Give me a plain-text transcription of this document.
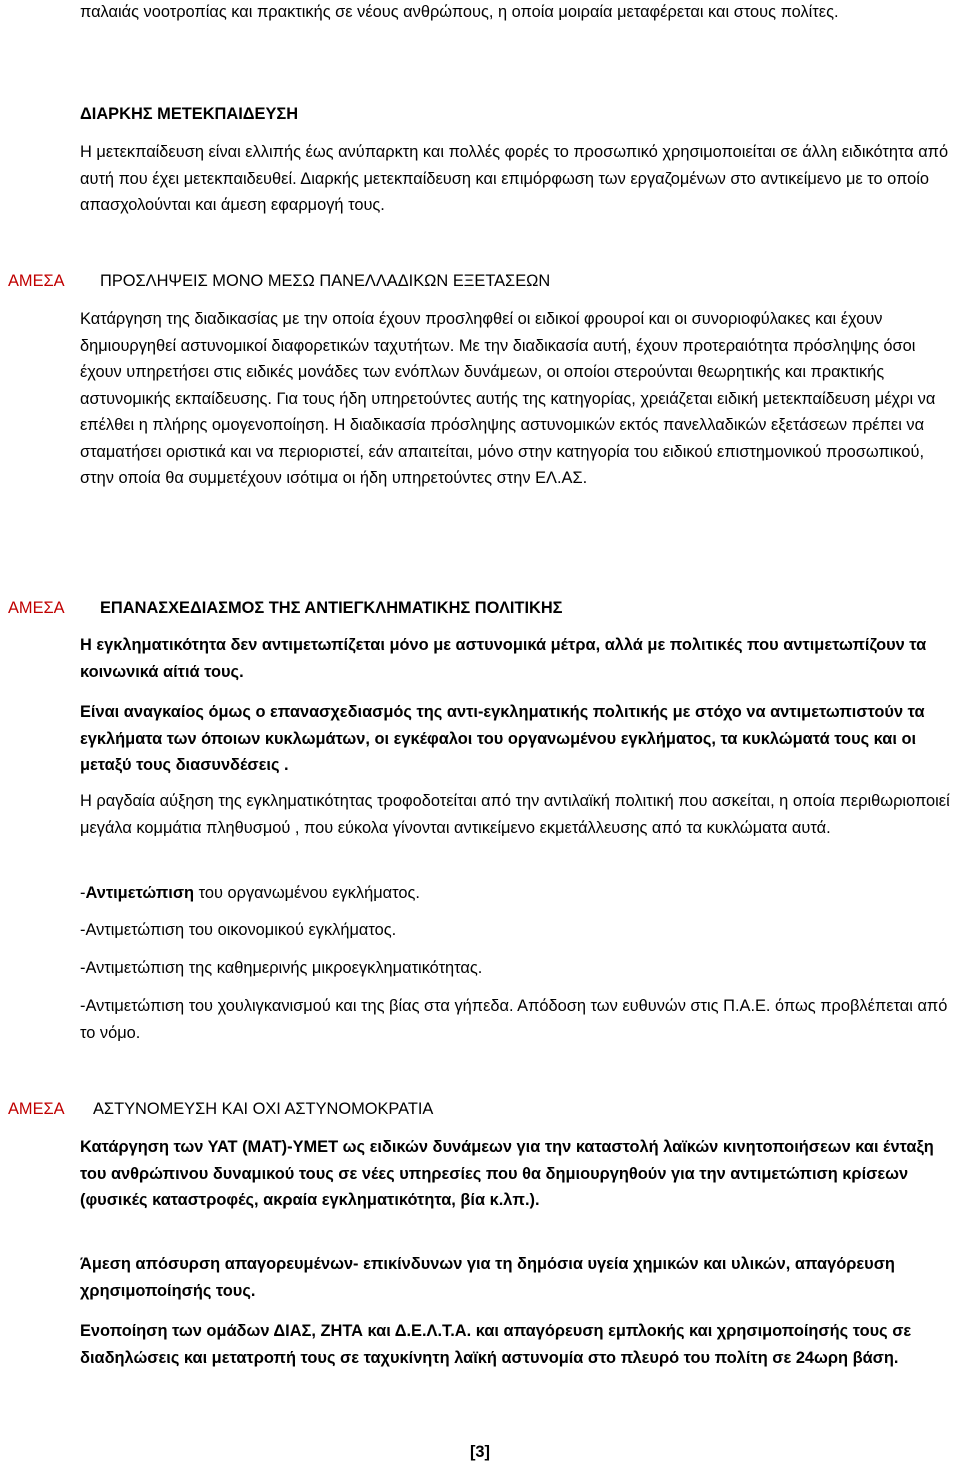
παλαιάς νοοτροπίας και πρακτικής σε νέους ανθρώπους, η οποία μοιραία μεταφέρεται και στους πολίτες.

ΔΙΑΡΚΗΣ ΜΕΤΕΚΠΑΙΔΕΥΣΗ

Η μετεκπαίδευση είναι ελλιπής έως ανύπαρκτη και πολλές φορές το προσωπικό χρησιμοποιείται σε άλλη ειδικότητα από αυτή που έχει μετεκπαιδευθεί. Διαρκής μετεκπαίδευση και επιμόρφωση των εργαζομένων στο αντικείμενο με το οποίο απασχολούνται και άμεση εφαρμογή τους.

ΑΜΕΣΑ ΠΡΟΣΛΗΨΕΙΣ ΜΟΝΟ ΜΕΣΩ ΠΑΝΕΛΛΑΔΙΚΩΝ ΕΞΕΤΑΣΕΩΝ

Κατάργηση της διαδικασίας με την οποία έχουν προσληφθεί οι ειδικοί φρουροί και οι συνοριοφύλακες και έχουν δημιουργηθεί αστυνομικοί διαφορετικών ταχυτήτων. Με την διαδικασία αυτή, έχουν προτεραιότητα πρόσληψης όσοι έχουν υπηρετήσει στις ειδικές μονάδες των ενόπλων δυνάμεων, οι οποίοι στερούνται θεωρητικής και πρακτικής αστυνομικής εκπαίδευσης. Για τους ήδη υπηρετούντες αυτής της κατηγορίας, χρειάζεται ειδική μετεκπαίδευση μέχρι να επέλθει η πλήρης ομογενοποίηση. Η διαδικασία πρόσληψης αστυνομικών εκτός πανελλαδικών εξετάσεων πρέπει να σταματήσει οριστικά και να περιοριστεί, εάν απαιτείται, μόνο στην κατηγορία του ειδικού επιστημονικού προσωπικού, στην οποία θα συμμετέχουν ισότιμα οι ήδη υπηρετούντες στην ΕΛ.ΑΣ.

ΑΜΕΣΑ ΕΠΑΝΑΣΧΕΔΙΑΣΜΟΣ ΤΗΣ ΑΝΤΙΕΓΚΛΗΜΑΤΙΚΗΣ ΠΟΛΙΤΙΚΗΣ

Η εγκληματικότητα δεν αντιμετωπίζεται μόνο με αστυνομικά μέτρα, αλλά με πολιτικές που αντιμετωπίζουν τα κοινωνικά αίτιά τους.

Είναι αναγκαίος όμως ο επανασχεδιασμός της αντι-εγκληματικής πολιτικής με στόχο να αντιμετωπιστούν τα εγκλήματα των όποιων κυκλωμάτων, οι εγκέφαλοι του οργανωμένου εγκλήματος, τα κυκλώματά τους και οι μεταξύ τους διασυνδέσεις .

Η ραγδαία αύξηση της εγκληματικότητας τροφοδοτείται από την αντιλαϊκή πολιτική που ασκείται, η οποία περιθωριοποιεί μεγάλα κομμάτια πληθυσμού , που εύκολα γίνονται αντικείμενο εκμετάλλευσης από τα κυκλώματα αυτά.

-Αντιμετώπιση του οργανωμένου εγκλήματος.

-Αντιμετώπιση του οικονομικού εγκλήματος.

-Αντιμετώπιση της καθημερινής μικροεγκληματικότητας.

-Αντιμετώπιση του χουλιγκανισμού και της βίας στα γήπεδα. Απόδοση των ευθυνών στις Π.Α.Ε. όπως προβλέπεται από το νόμο.

ΑΜΕΣΑ ΑΣΤΥΝΟΜΕΥΣΗ ΚΑΙ ΟΧΙ ΑΣΤΥΝΟΜΟΚΡΑΤΙΑ

Κατάργηση των ΥΑΤ (ΜΑΤ)-ΥΜΕΤ ως ειδικών δυνάμεων για την καταστολή λαϊκών κινητοποιήσεων και ένταξη του ανθρώπινου δυναμικού τους σε νέες υπηρεσίες που θα δημιουργηθούν για την αντιμετώπιση κρίσεων (φυσικές καταστροφές, ακραία εγκληματικότητα, βία κ.λπ.).

Άμεση απόσυρση απαγορευμένων- επικίνδυνων για τη δημόσια υγεία χημικών και υλικών, απαγόρευση χρησιμοποίησής τους.

Ενοποίηση των ομάδων ΔΙΑΣ, ΖΗΤΑ και Δ.Ε.Λ.Τ.Α. και απαγόρευση εμπλοκής και χρησιμοποίησής τους σε διαδηλώσεις και μετατροπή τους σε ταχυκίνητη λαϊκή αστυνομία στο πλευρό του πολίτη σε 24ωρη βάση.

[3]
